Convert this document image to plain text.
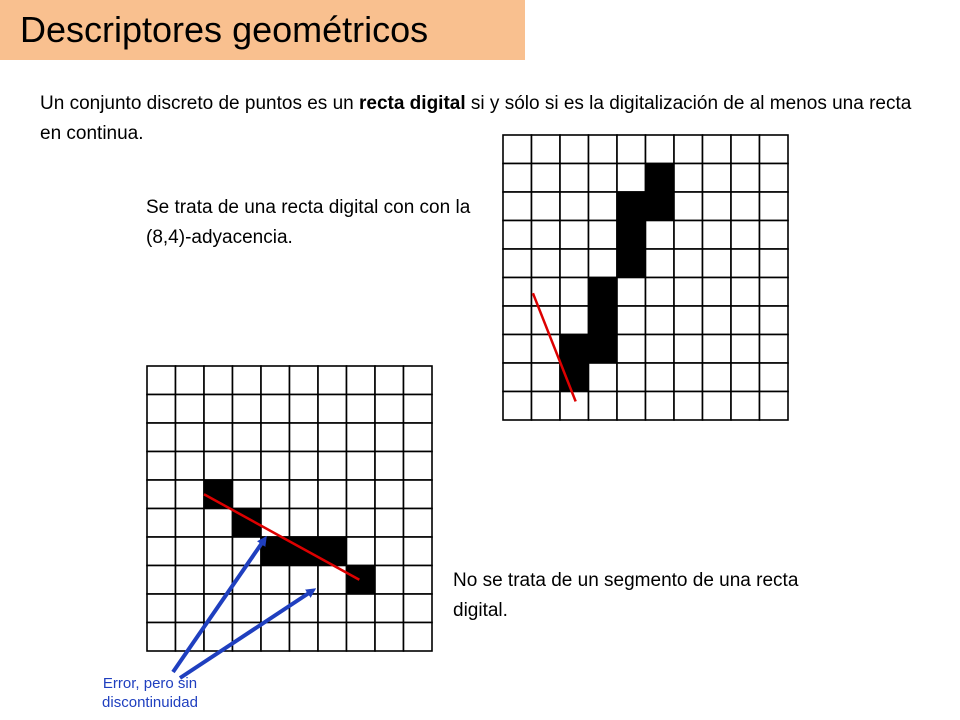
Descriptores geométricos
Un conjunto discreto de puntos es un recta digital si y sólo si es la digitalización de al menos una recta en continua.
Se trata de una recta digital con con la (8,4)-adyacencia.
No se trata de un segmento de una recta digital.
Error, pero sin discontinuidad
